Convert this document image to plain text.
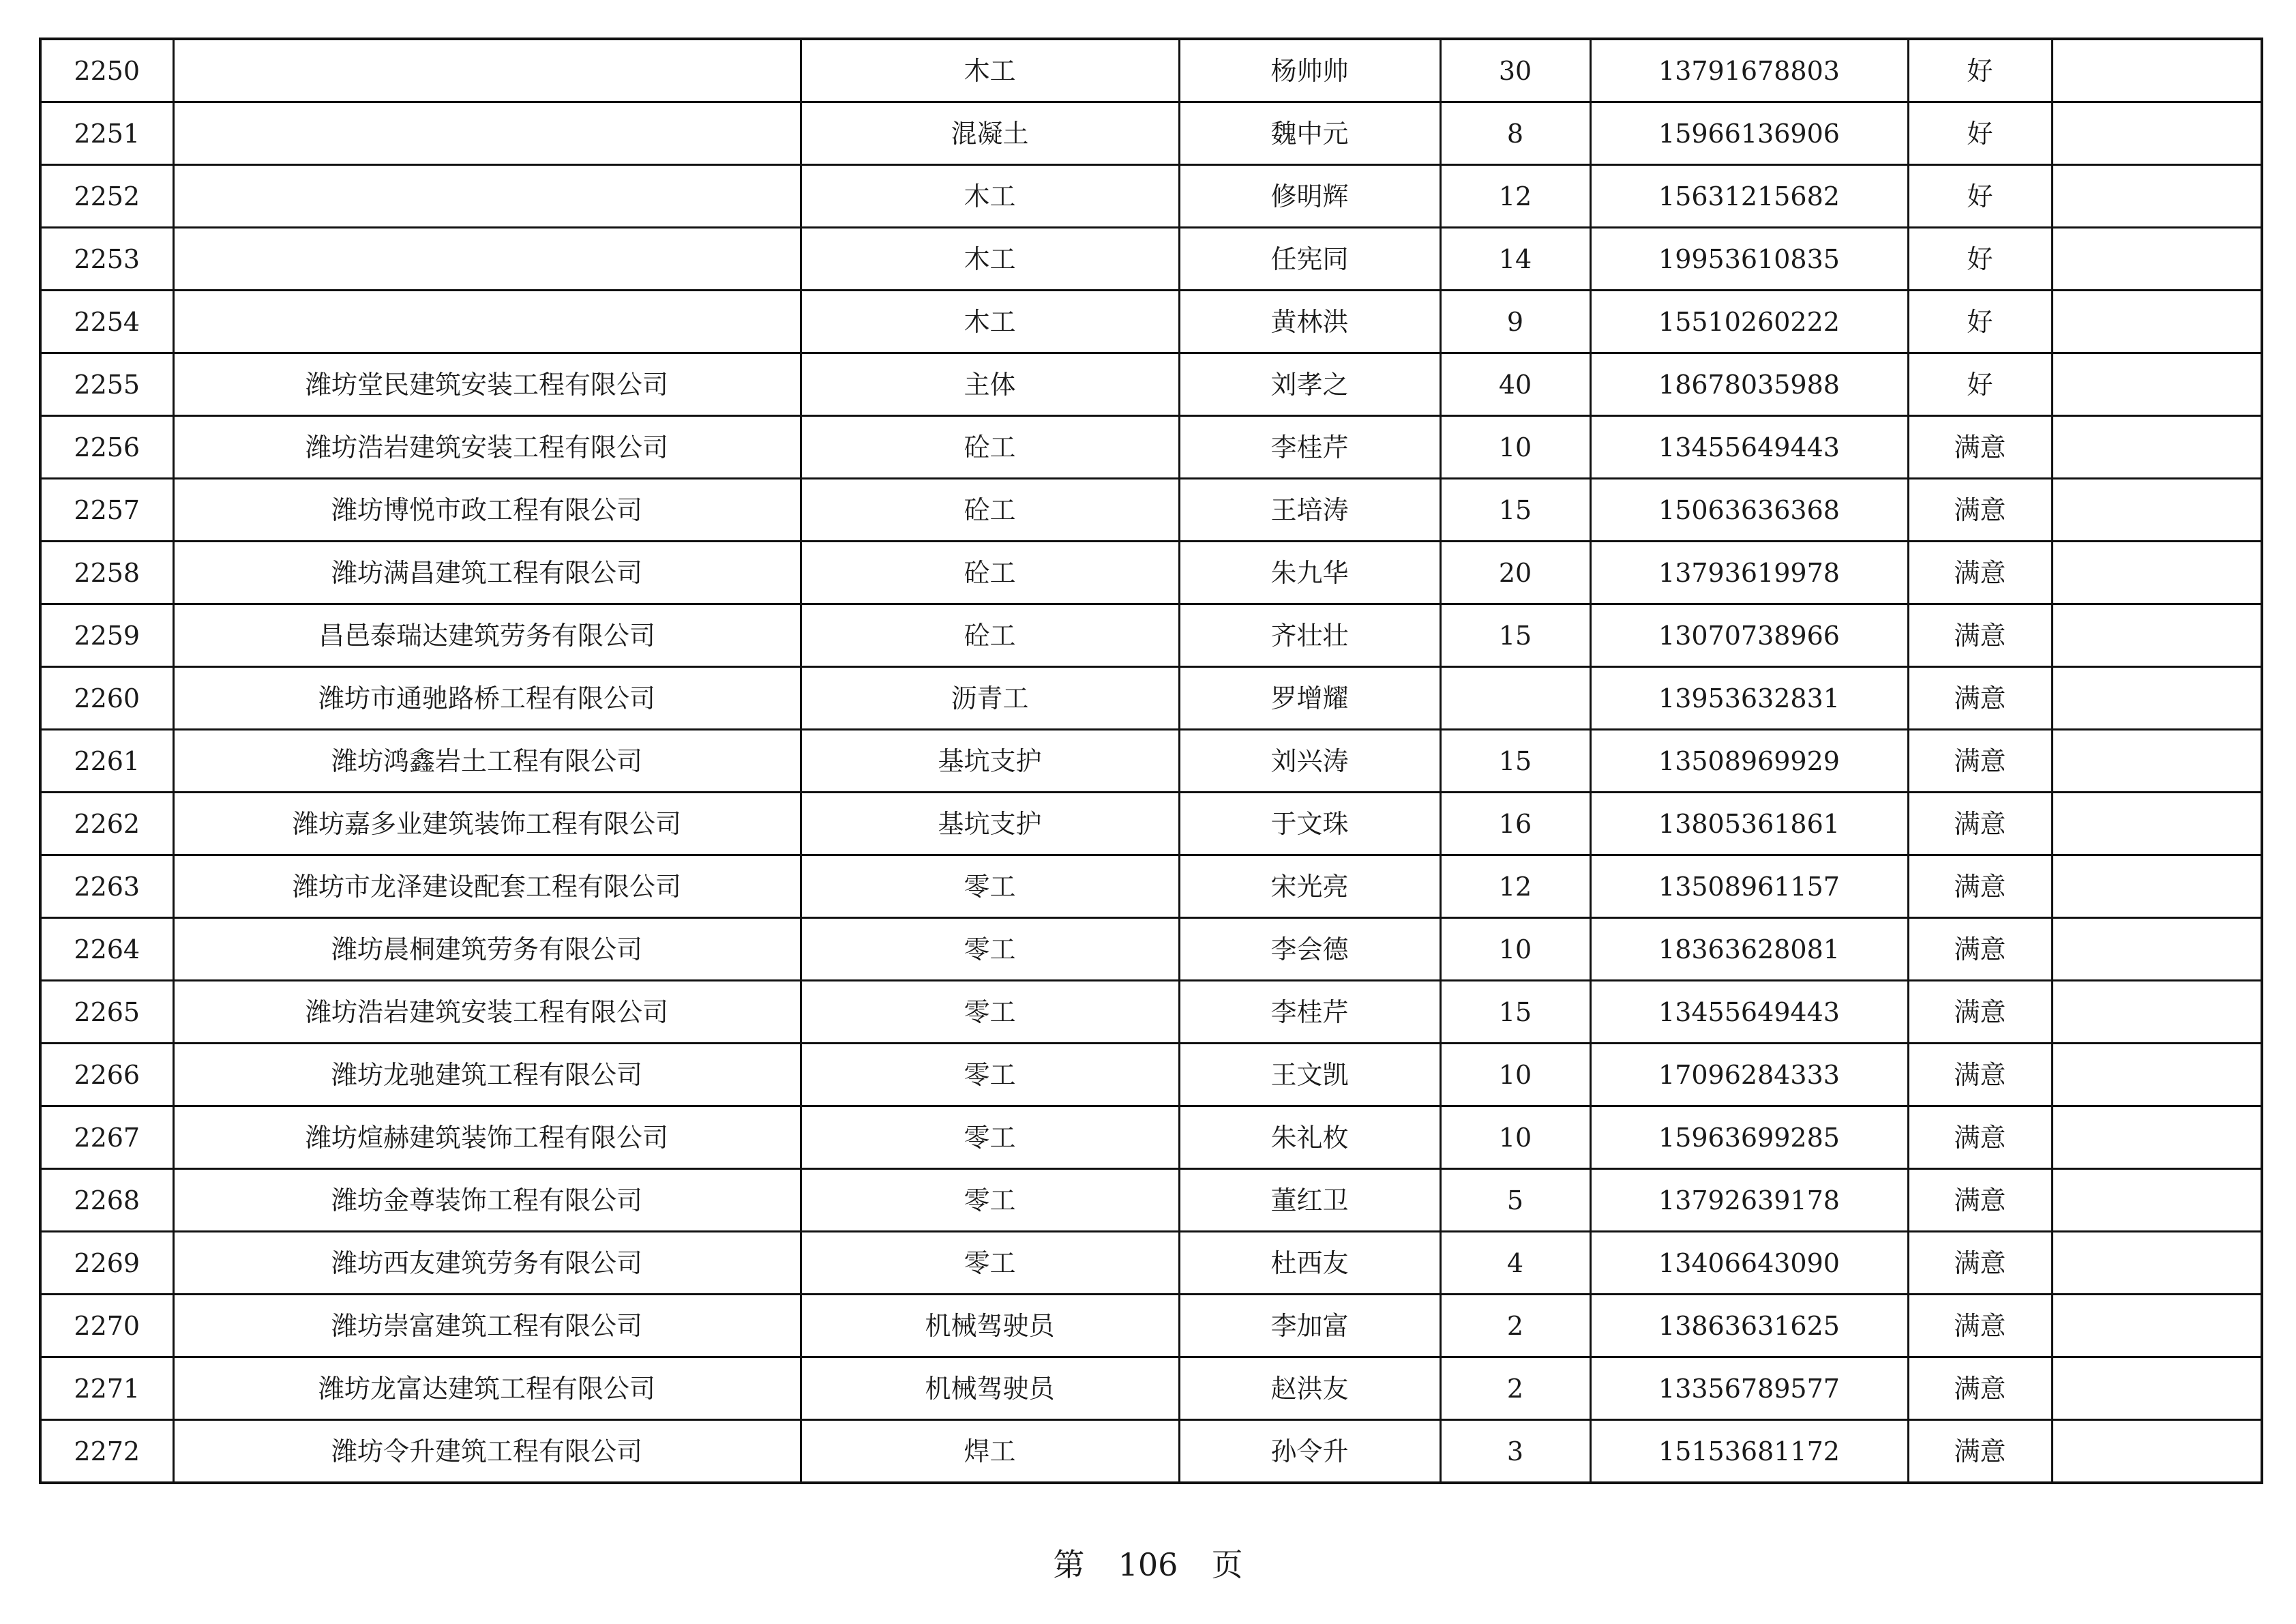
2250		木工	杨帅帅	30	13791678803	好	
2251		混凝土	魏中元	8	15966136906	好	
2252		木工	修明辉	12	15631215682	好	
2253		木工	任宪同	14	19953610835	好	
2254		木工	黄林洪	9	15510260222	好	
2255	潍坊堂民建筑安装工程有限公司	主体	刘孝之	40	18678035988	好	
2256	潍坊浩岩建筑安装工程有限公司	砼工	李桂芹	10	13455649443	满意	
2257	潍坊博悦市政工程有限公司	砼工	王培涛	15	15063636368	满意	
2258	潍坊满昌建筑工程有限公司	砼工	朱九华	20	13793619978	满意	
2259	昌邑泰瑞达建筑劳务有限公司	砼工	齐壮壮	15	13070738966	满意	
2260	潍坊市通驰路桥工程有限公司	沥青工	罗增耀		13953632831	满意	
2261	潍坊鸿鑫岩土工程有限公司	基坑支护	刘兴涛	15	13508969929	满意	
2262	潍坊嘉多业建筑装饰工程有限公司	基坑支护	于文珠	16	13805361861	满意	
2263	潍坊市龙泽建设配套工程有限公司	零工	宋光亮	12	13508961157	满意	
2264	潍坊晨桐建筑劳务有限公司	零工	李会德	10	18363628081	满意	
2265	潍坊浩岩建筑安装工程有限公司	零工	李桂芹	15	13455649443	满意	
2266	潍坊龙驰建筑工程有限公司	零工	王文凯	10	17096284333	满意	
2267	潍坊煊赫建筑装饰工程有限公司	零工	朱礼枚	10	15963699285	满意	
2268	潍坊金尊装饰工程有限公司	零工	董红卫	5	13792639178	满意	
2269	潍坊西友建筑劳务有限公司	零工	杜西友	4	13406643090	满意	
2270	潍坊崇富建筑工程有限公司	机械驾驶员	李加富	2	13863631625	满意	
2271	潍坊龙富达建筑工程有限公司	机械驾驶员	赵洪友	2	13356789577	满意	
2272	潍坊令升建筑工程有限公司	焊工	孙令升	3	15153681172	满意	
第 106 页
